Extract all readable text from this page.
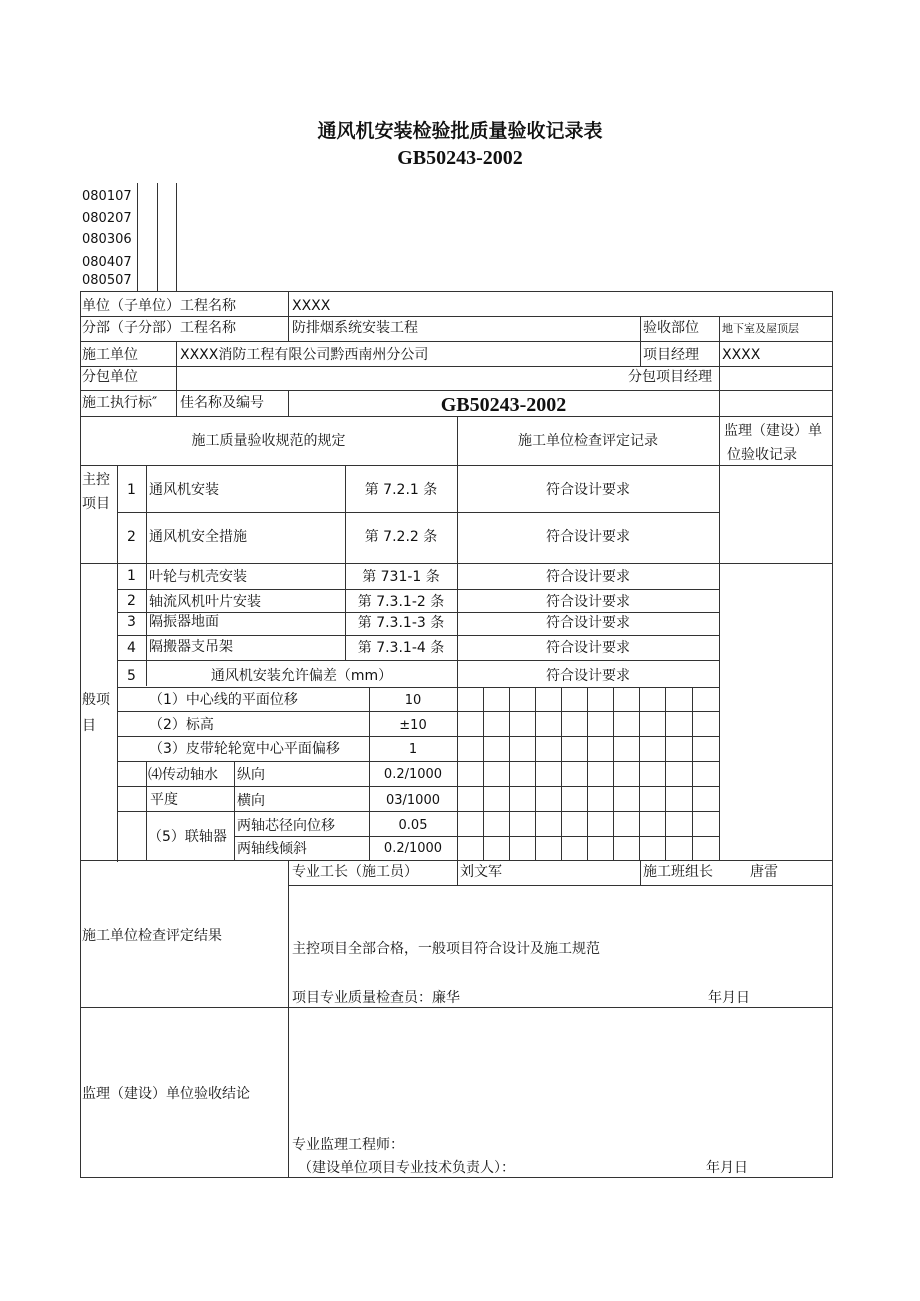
通风机安装检验批质量验收记录表
GB50243-2002
080107
080207
080306
080407
080507
单位（子单位）工程名称	XXXX
分部（子分部）工程名称	防排烟系统安装工程	验收部位 地下室及屋顶层
施工单位	XXXX消防工程有限公司黔西南州分公司	项目经理 XXXX
分包单位	分包项目经理
施工执行标″ 佳名称及编号	GB50243-2002
施工质量验收规范的规定	施工单位检查评定记录
监理（建设）单
位验收记录
主控
项目
1 通风机安装	第 7.2.1 条	符合设计要求
2 通风机安全措施	第 7.2.2 条	符合设计要求
般项
目
1 叶轮与机壳安装	第 731-1 条	符合设计要求
2 轴流风机叶片安装	第 7.3.1-2 条	符合设计要求
3 隔振器地面	第 7.3.1-3 条	符合设计要求
4 隔搬器支吊架	第 7.3.1-4 条	符合设计要求
5	通风机安装允许偏差（mm）	符合设计要求
（1）中心线的平面位移	10
（2）标高	±10
（3）皮带轮轮宽中心平面偏移	1
⑷传动轴水
平度
纵向	0.2/1000
横向	03/1000
（5）联轴器
两轴芯径向位移	0.05
两轴线倾斜	0.2/1000
专业工长（施工员）	刘文军	施工班组长	唐雷
施工单位检查评定结果
主控项目全部合格，一般项目符合设计及施工规范
项目专业质量检查员：廉华	年月日
监理（建设）单位验收结论
专业监理工程师：
（建设单位项目专业技术负责人）：	年月日
